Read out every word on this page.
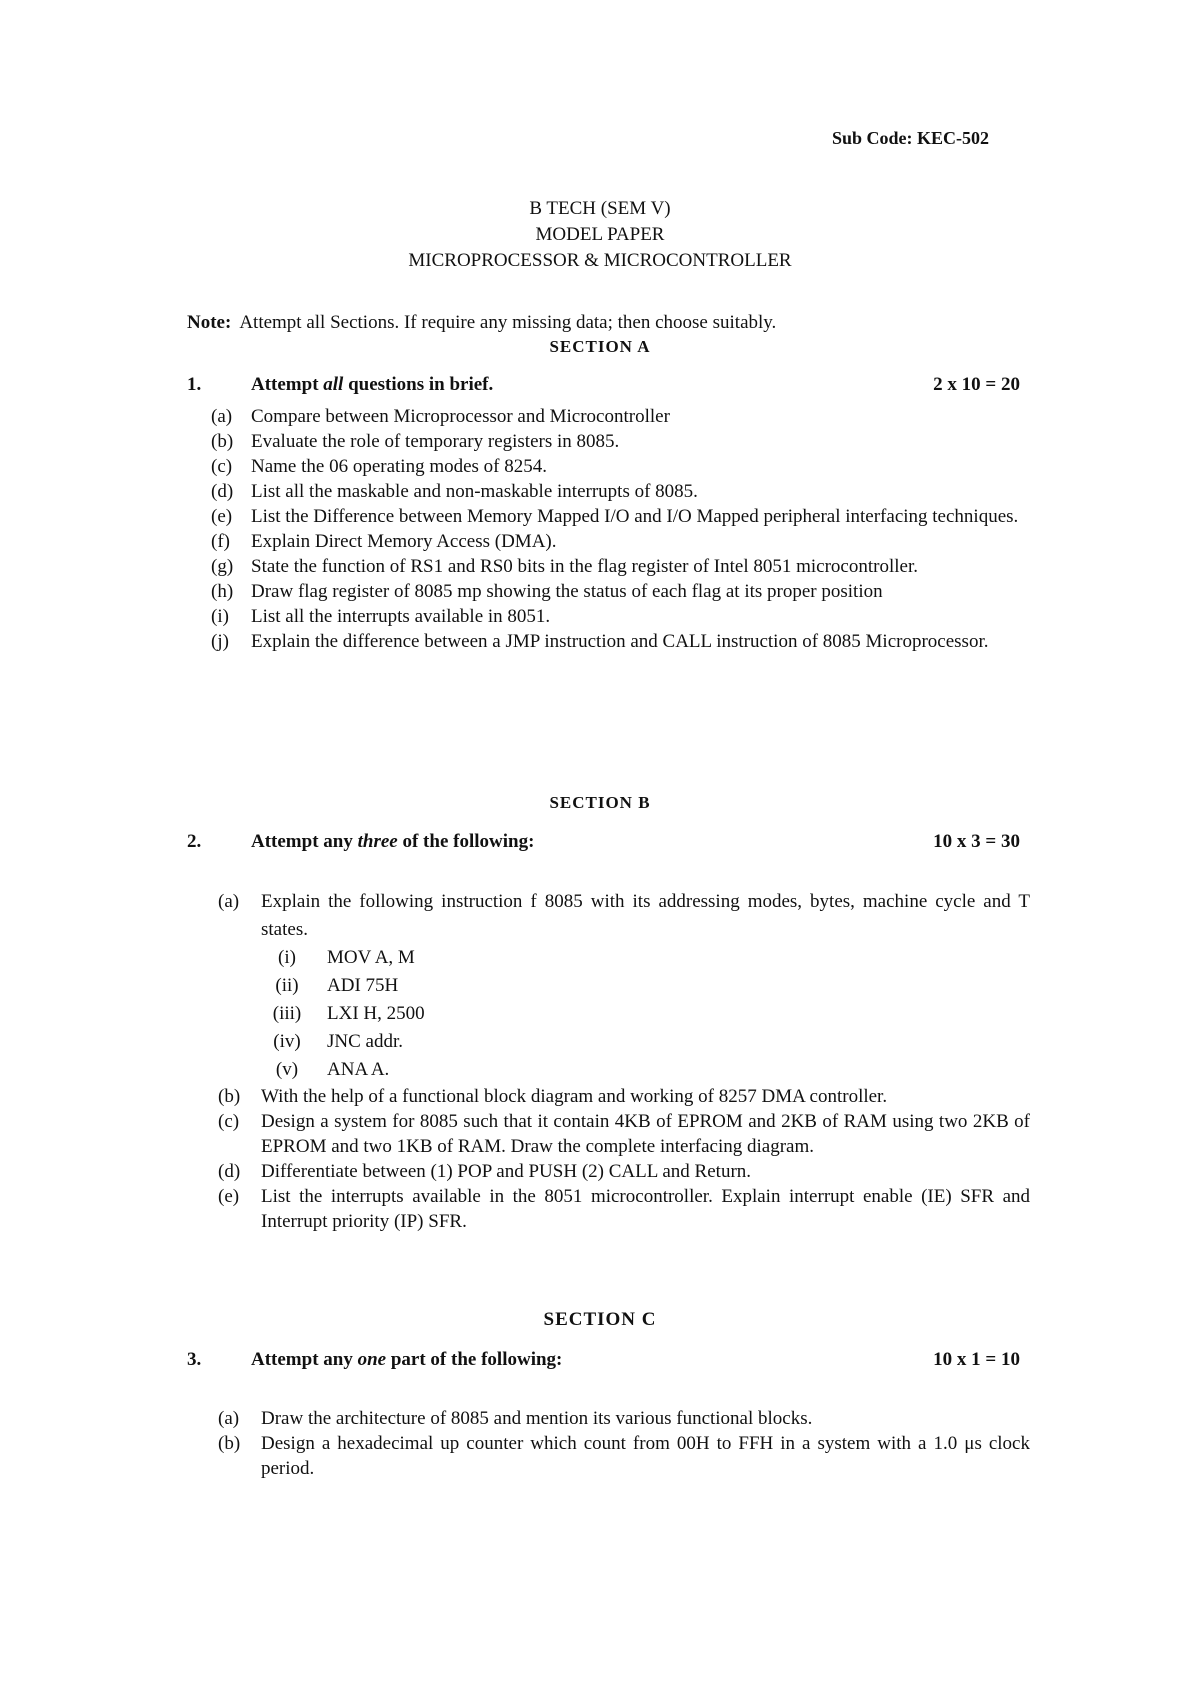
Sub Code: KEC-502
B TECH (SEM V)
MODEL PAPER
MICROPROCESSOR & MICROCONTROLLER
Note: Attempt all Sections. If require any missing data; then choose suitably.
SECTION A
1.	Attempt all questions in brief.	2 x 10 = 20
(a) Compare between Microprocessor and Microcontroller
(b) Evaluate the role of temporary registers in 8085.
(c) Name the 06 operating modes of 8254.
(d) List all the maskable and non-maskable interrupts of 8085.
(e) List the Difference between Memory Mapped I/O and I/O Mapped peripheral interfacing techniques.
(f) Explain Direct Memory Access (DMA).
(g) State the function of RS1 and RS0 bits in the flag register of Intel 8051 microcontroller.
(h) Draw flag register of 8085 mp showing the status of each flag at its proper position
(i) List all the interrupts available in 8051.
(j) Explain the difference between a JMP instruction and CALL instruction of 8085 Microprocessor.
SECTION B
2.	Attempt any three of the following:	10 x 3 = 30
(a) Explain the following instruction f 8085 with its addressing modes, bytes, machine cycle and T states.
(i)	MOV A, M
(ii)	ADI 75H
(iii)	LXI H, 2500
(iv)	JNC addr.
(v)	ANA A.
(b) With the help of a functional block diagram and working of 8257 DMA controller.
(c) Design a system for 8085 such that it contain 4KB of EPROM and 2KB of RAM using two 2KB of EPROM and two 1KB of RAM. Draw the complete interfacing diagram.
(d) Differentiate between (1) POP and PUSH (2) CALL and Return.
(e) List the interrupts available in the 8051 microcontroller. Explain interrupt enable (IE) SFR and Interrupt priority (IP) SFR.
SECTION C
3.	Attempt any one part of the following:	10 x 1 = 10
(a) Draw the architecture of 8085 and mention its various functional blocks.
(b) Design a hexadecimal up counter which count from 00H to FFH in a system with a 1.0 μs clock period.
